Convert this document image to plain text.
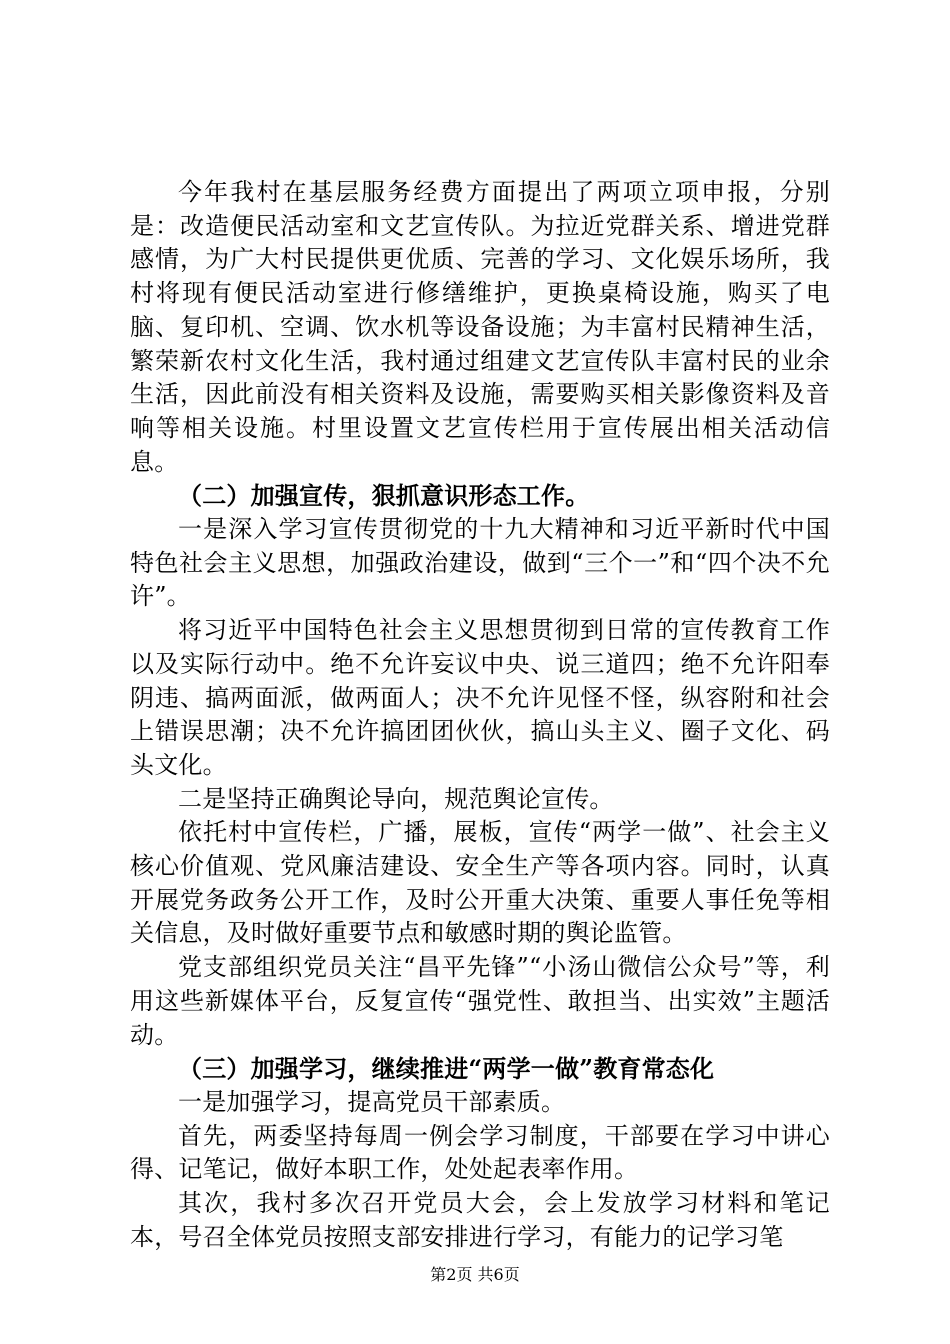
今年我村在基层服务经费方面提出了两项立项申报，分别是：改造便民活动室和文艺宣传队。为拉近党群关系、增进党群感情，为广大村民提供更优质、完善的学习、文化娱乐场所，我村将现有便民活动室进行修缮维护，更换桌椅设施，购买了电脑、复印机、空调、饮水机等设备设施；为丰富村民精神生活，繁荣新农村文化生活，我村通过组建文艺宣传队丰富村民的业余生活，因此前没有相关资料及设施，需要购买相关影像资料及音响等相关设施。村里设置文艺宣传栏用于宣传展出相关活动信息。

（二）加强宣传，狠抓意识形态工作。

一是深入学习宣传贯彻党的十九大精神和习近平新时代中国特色社会主义思想，加强政治建设，做到“三个一”和“四个决不允许”。

将习近平中国特色社会主义思想贯彻到日常的宣传教育工作以及实际行动中。绝不允许妄议中央、说三道四；绝不允许阳奉阴违、搞两面派，做两面人；决不允许见怪不怪，纵容附和社会上错误思潮；决不允许搞团团伙伙，搞山头主义、圈子文化、码头文化。

二是坚持正确舆论导向，规范舆论宣传。

依托村中宣传栏，广播，展板，宣传“两学一做”、社会主义核心价值观、党风廉洁建设、安全生产等各项内容。同时，认真开展党务政务公开工作，及时公开重大决策、重要人事任免等相关信息，及时做好重要节点和敏感时期的舆论监管。

党支部组织党员关注“昌平先锋”“小汤山微信公众号”等，利用这些新媒体平台，反复宣传“强党性、敢担当、出实效”主题活动。

（三）加强学习，继续推进“两学一做”教育常态化

一是加强学习，提高党员干部素质。

首先，两委坚持每周一例会学习制度，干部要在学习中讲心得、记笔记，做好本职工作，处处起表率作用。

其次，我村多次召开党员大会，会上发放学习材料和笔记本，号召全体党员按照支部安排进行学习，有能力的记学习笔

第2页 共6页
